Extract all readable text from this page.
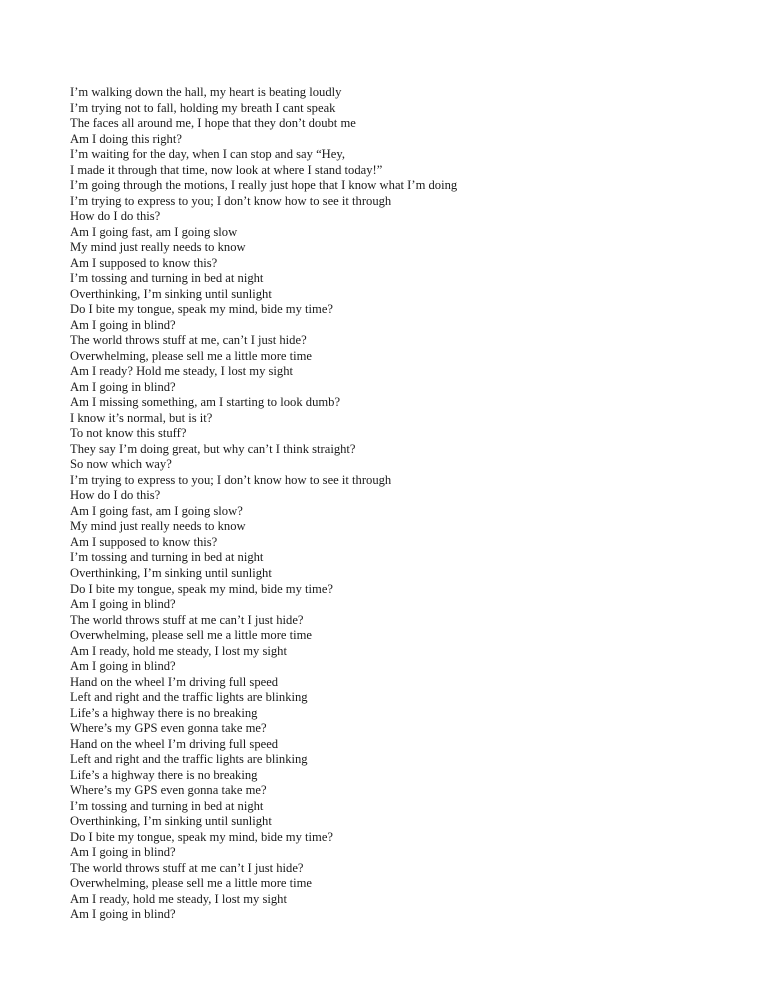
I’m walking down the hall, my heart is beating loudly
I’m trying not to fall, holding my breath I cant speak
The faces all around me, I hope that they don’t doubt me
Am I doing this right?
I’m waiting for the day, when I can stop and say “Hey,
I made it through that time, now look at where I stand today!”
I’m going through the motions, I really just hope that I know what I’m doing
I’m trying to express to you; I don’t know how to see it through
How do I do this?
Am I going fast, am I going slow
My mind just really needs to know
Am I supposed to know this?
I’m tossing and turning in bed at night
Overthinking, I’m sinking until sunlight
Do I bite my tongue, speak my mind, bide my time?
Am I going in blind?
The world throws stuff at me, can’t I just hide?
Overwhelming, please sell me a little more time
Am I ready? Hold me steady, I lost my sight
Am I going in blind?
Am I missing something, am I starting to look dumb?
I know it’s normal, but is it?
To not know this stuff?
They say I’m doing great, but why can’t I think straight?
So now which way?
I’m trying to express to you; I don’t know how to see it through
How do I do this?
Am I going fast, am I going slow?
My mind just really needs to know
Am I supposed to know this?
I’m tossing and turning in bed at night
Overthinking, I’m sinking until sunlight
Do I bite my tongue, speak my mind, bide my time?
Am I going in blind?
The world throws stuff at me can’t I just hide?
Overwhelming, please sell me a little more time
Am I ready, hold me steady, I lost my sight
Am I going in blind?
Hand on the wheel I’m driving full speed
Left and right and the traffic lights are blinking
Life’s a highway there is no breaking
Where’s my GPS even gonna take me?
Hand on the wheel I’m driving full speed
Left and right and the traffic lights are blinking
Life’s a highway there is no breaking
Where’s my GPS even gonna take me?
I’m tossing and turning in bed at night
Overthinking, I’m sinking until sunlight
Do I bite my tongue, speak my mind, bide my time?
Am I going in blind?
The world throws stuff at me can’t I just hide?
Overwhelming, please sell me a little more time
Am I ready, hold me steady, I lost my sight
Am I going in blind?
